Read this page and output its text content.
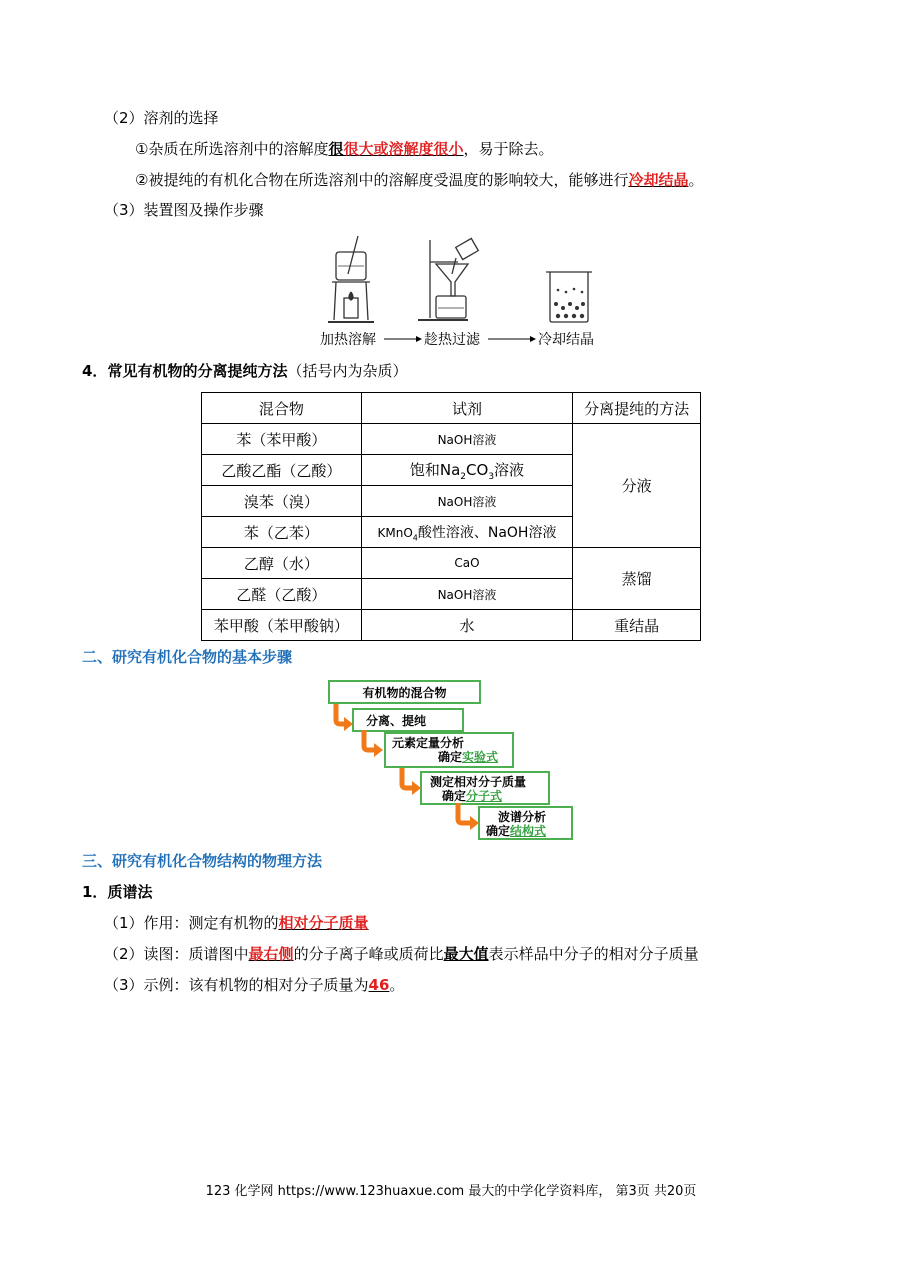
（2）溶剂的选择
①杂质在所选溶剂中的溶解度很很大或溶解度很小，易于除去。
②被提纯的有机化合物在所选溶剂中的溶解度受温度的影响较大，能够进行冷却结晶。
（3）装置图及操作步骤
加热溶解	趁热过滤	冷却结晶
4．常见有机物的分离提纯方法（括号内为杂质）
混合物	试剂	分离提纯的方法
苯（苯甲酸）	NaOH溶液	分液
乙酸乙酯（乙酸）	饱和$Na_2CO_3$溶液	
溴苯（溴）	NaOH溶液	
苯（乙苯）	KMnO$_4$酸性溶液、NaOH溶液	
乙醇（水）	CaO	蒸馏
乙醛（乙酸）	NaOH溶液	
苯甲酸（苯甲酸钠）	水	重结晶
二、研究有机化合物的基本步骤
有机物的混合物
分离、提纯
元素定量分析
确定实验式
测定相对分子质量
确定分子式
波谱分析
确定结构式
三、研究有机化合物结构的物理方法
1．质谱法
（1）作用：测定有机物的相对分子质量
（2）读图：质谱图中最右侧的分子离子峰或质荷比最大值表示样品中分子的相对分子质量
（3）示例：该有机物的相对分子质量为46。
123 化学网 https://www.123huaxue.com 最大的中学化学资料库， 第3页 共20页
